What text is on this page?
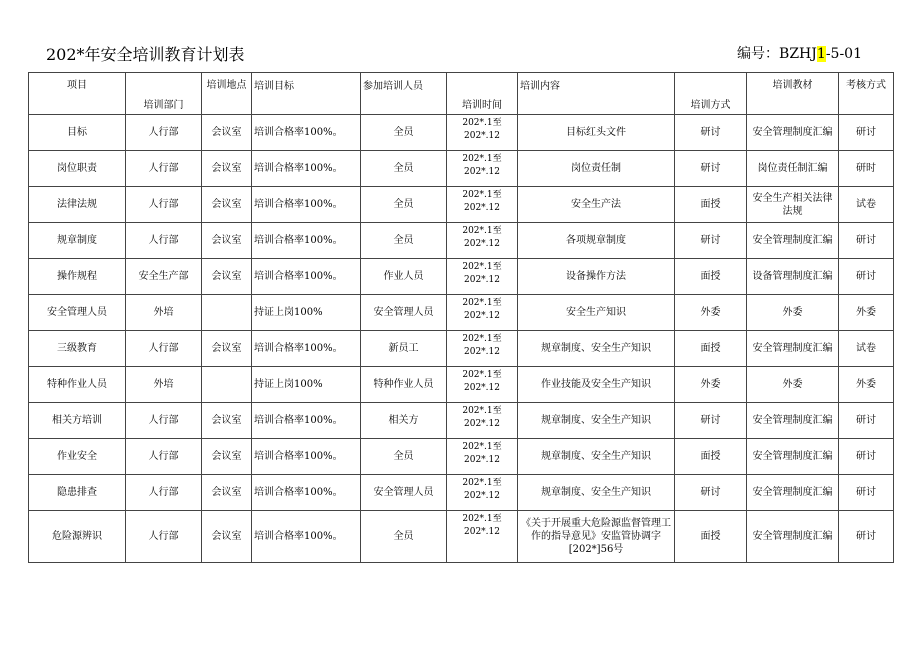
202*年安全培训教育计划表	编号：BZHJ1-5-01
项目	培训部门	培训地点	培训目标	参加培训人员	培训时间	培训内容	培训方式	培训教材	考核方式
目标	人行部	会议室	培训合格率100%。	全员	202*.1至202*.12	目标红头文件	研讨	安全管理制度汇编	研讨
岗位职责	人行部	会议室	培训合格率100%。	全员	202*.1至202*.12	岗位责任制	研讨	岗位责任制汇编	研时
法律法规	人行部	会议室	培训合格率100%。	全员	202*.1至202*.12	安全生产法	面授	安全生产相关法律法规	试卷
规章制度	人行部	会议室	培训合格率100%。	全员	202*.1至202*.12	各项规章制度	研讨	安全管理制度汇编	研讨
操作规程	安全生产部	会议室	培训合格率100%。	作业人员	202*.1至202*.12	设备操作方法	面授	设备管理制度汇编	研讨
安全管理人员	外培		持证上岗100%	安全管理人员	202*.1至202*.12	安全生产知识	外委	外委	外委
三级教育	人行部	会议室	培训合格率100%。	新员工	202*.1至202*.12	规章制度、安全生产知识	面授	安全管理制度汇编	试卷
特种作业人员	外培		持证上岗100%	特种作业人员	202*.1至202*.12	作业技能及安全生产知识	外委	外委	外委
相关方培训	人行部	会议室	培训合格率100%。	相关方	202*.1至202*.12	规章制度、安全生产知识	研讨	安全管理制度汇编	研讨
作业安全	人行部	会议室	培训合格率100%。	全员	202*.1至202*.12	规章制度、安全生产知识	面授	安全管理制度汇编	研讨
隐患排查	人行部	会议室	培训合格率100%。	安全管理人员	202*.1至202*.12	规章制度、安全生产知识	研讨	安全管理制度汇编	研讨
危险源辨识	人行部	会议室	培训合格率100%。	全员	202*.1至202*.12	《关于开展重大危险源监督管理工作的指导意见》安监管协调字[202*]56号	面授	安全管理制度汇编	研讨
